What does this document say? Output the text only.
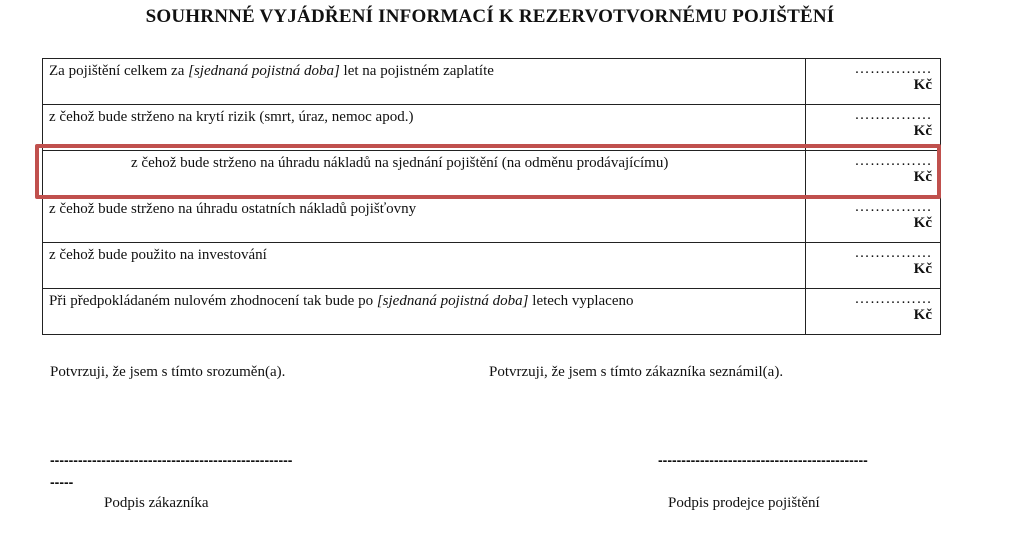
SOUHRNNÉ VYJÁDŘENÍ INFORMACÍ K REZERVOTVORNÉMU POJIŠTĚNÍ
Za pojištění celkem za [sjednaná pojistná doba] let na pojistném zaplatíte	……………
Kč

z čehož bude strženo na krytí rizik (smrt, úraz, nemoc apod.)	……………
Kč

z čehož bude strženo na úhradu nákladů na sjednání pojištění (na odměnu prodávajícímu)	……………
Kč

z čehož bude strženo na úhradu ostatních nákladů pojišťovny	……………
Kč

z čehož bude použito na investování	……………
Kč

Při předpokládaném nulovém zhodnocení tak bude po [sjednaná pojistná doba] letech vyplaceno	……………
Kč
Potvrzuji, že jsem s tímto srozuměn(a).	Potvrzuji, že jsem s tímto zákazníka seznámil(a).
----------------------------------------------------
-----
---------------------------------------------
Podpis zákazníka	Podpis prodejce pojištění
